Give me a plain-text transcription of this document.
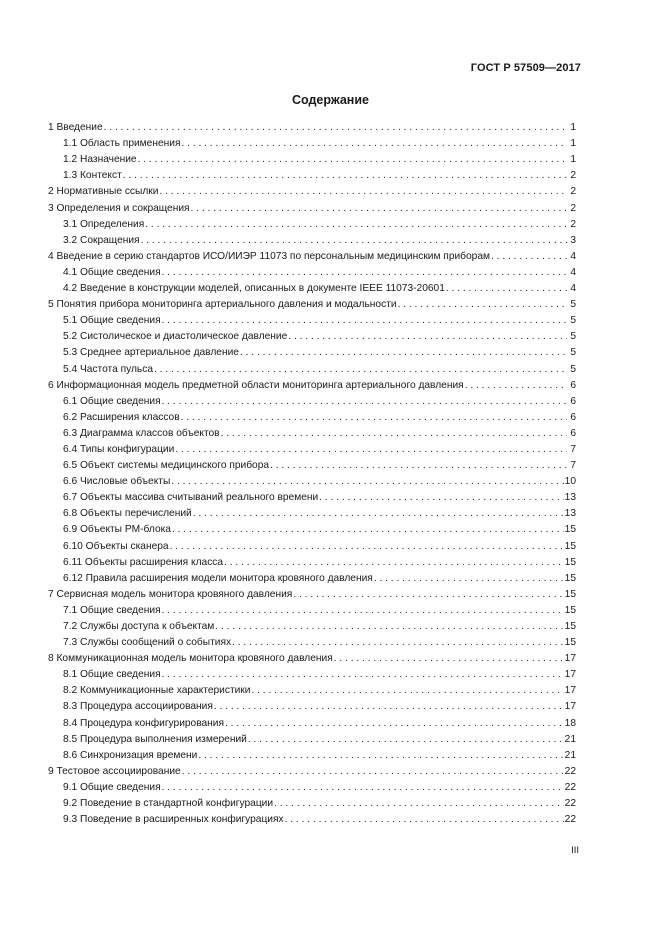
ГОСТ Р 57509—2017
Содержание
1 Введение . . .	1
1.1 Область применения . . .	1
1.2 Назначение . . .	1
1.3 Контекст . . .	2
2 Нормативные ссылки . . .	2
3 Определения и сокращения . . .	2
3.1 Определения . . .	2
3.2 Сокращения . . .	3
4 Введение в серию стандартов ИСО/ИИЭР 11073 по персональным медицинским приборам . . .	4
4.1 Общие сведения . . .	4
4.2 Введение в конструкции моделей, описанных в документе IEEE 11073-20601 . . .	4
5 Понятия прибора мониторинга артериального давления и модальности . . .	5
5.1 Общие сведения . . .	5
5.2 Систолическое и диастолическое давление . . .	5
5.3 Среднее артериальное давление . . .	5
5.4 Частота пульса . . .	5
6 Информационная модель предметной области мониторинга артериального давления . . .	6
6.1 Общие сведения . . .	6
6.2 Расширения классов . . .	6
6.3 Диаграмма классов объектов . . .	6
6.4 Типы конфигурации . . .	7
6.5 Объект системы медицинского прибора . . .	7
6.6 Числовые объекты . . .	10
6.7 Объекты массива считываний реального времени . . .	13
6.8 Объекты перечислений . . .	13
6.9 Объекты PM-блока . . .	15
6.10 Объекты сканера . . .	15
6.11 Объекты расширения класса . . .	15
6.12 Правила расширения модели монитора кровяного давления . . .	15
7 Сервисная модель монитора кровяного давления . . .	15
7.1 Общие сведения . . .	15
7.2 Службы доступа к объектам . . .	15
7.3 Службы сообщений о событиях . . .	15
8 Коммуникационная модель монитора кровяного давления . . .	17
8.1 Общие сведения . . .	17
8.2 Коммуникационные характеристики . . .	17
8.3 Процедура ассоциирования . . .	17
8.4 Процедура конфигурирования . . .	18
8.5 Процедура выполнения измерений . . .	21
8.6 Синхронизация времени . . .	21
9 Тестовое ассоциирование . . .	22
9.1 Общие сведения . . .	22
9.2 Поведение в стандартной конфигурации . . .	22
9.3 Поведение в расширенных конфигурациях . . .	22
III
